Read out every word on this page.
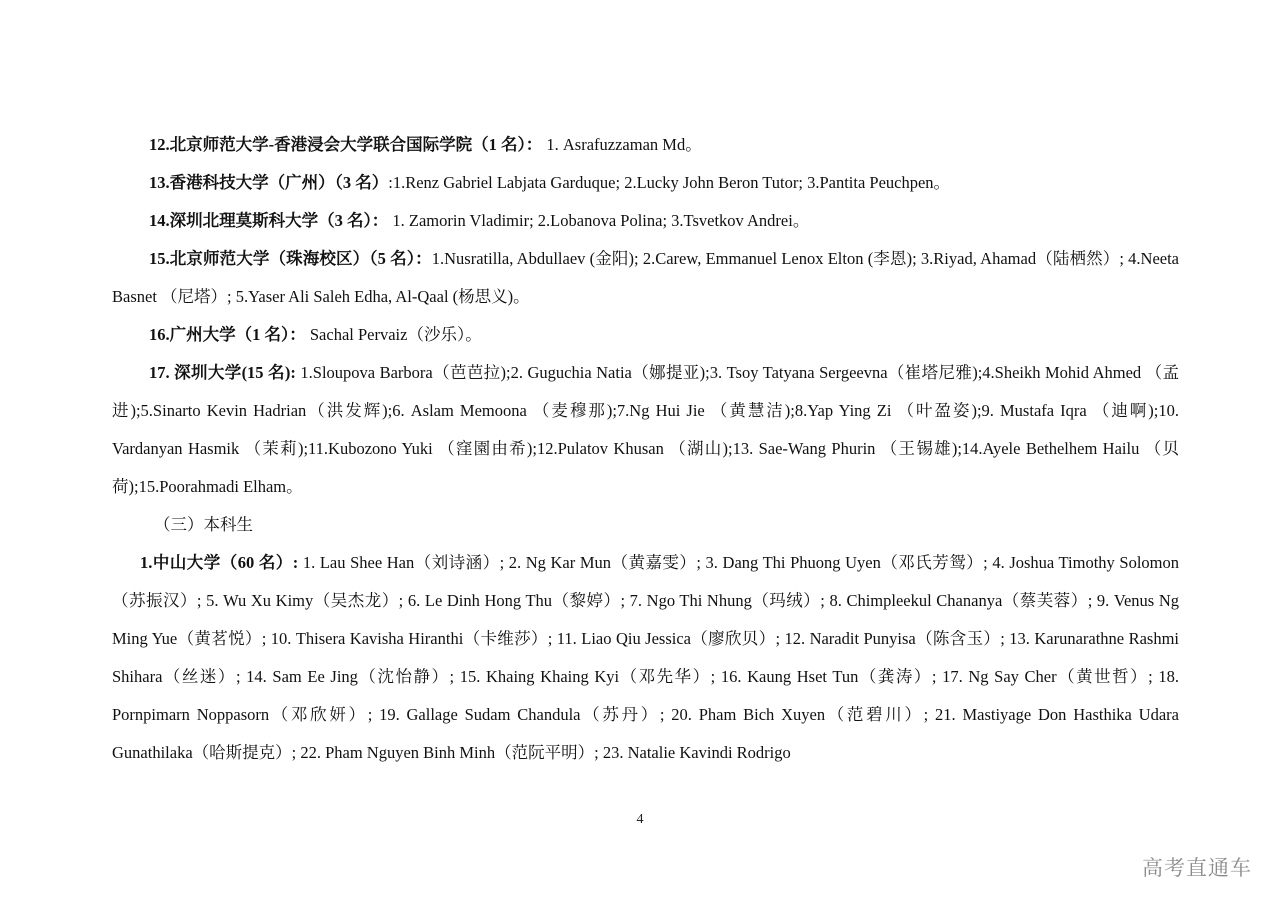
12.北京师范大学-香港浸会大学联合国际学院（1 名）： 1. Asrafuzzaman Md。

13.香港科技大学（广州）（3 名）:1.Renz Gabriel Labjata Garduque; 2.Lucky John Beron Tutor; 3.Pantita Peuchpen。

14.深圳北理莫斯科大学（3 名）： 1. Zamorin Vladimir; 2.Lobanova Polina; 3.Tsvetkov Andrei。

15.北京师范大学（珠海校区）（5 名）：1.Nusratilla, Abdullaev (金阳); 2.Carew, Emmanuel Lenox Elton (李恩); 3.Riyad, Ahamad（陆栖然）; 4.Neeta Basnet （尼塔）; 5.Yaser Ali Saleh Edha, Al-Qaal (杨思义)。

16.广州大学（1 名）： Sachal Pervaiz（沙乐）。

17. 深圳大学(15 名): 1.Sloupova Barbora（芭芭拉);2. Guguchia Natia（娜提亚);3. Tsoy Tatyana Sergeevna（崔塔尼雅);4.Sheikh Mohid Ahmed （孟进);5.Sinarto Kevin Hadrian（洪发辉);6. Aslam Memoona （麦穆那);7.Ng Hui Jie （黄慧洁);8.Yap Ying Zi （叶盈姿);9. Mustafa Iqra （迪啊);10. Vardanyan Hasmik （茉莉);11.Kubozono Yuki （窪園由希);12.Pulatov Khusan （湖山);13. Sae-Wang Phurin （王锡雄);14.Ayele Bethelhem Hailu （贝荷);15.Poorahmadi Elham。

（三）本科生

1.中山大学（60 名）: 1. Lau Shee Han（刘诗涵）; 2. Ng Kar Mun（黄嘉雯）; 3. Dang Thi Phuong Uyen（邓氏芳鸳）; 4. Joshua Timothy Solomon（苏振汉）; 5. Wu Xu Kimy（吴杰龙）; 6. Le Dinh Hong Thu（黎婷）; 7. Ngo Thi Nhung（玛绒）; 8. Chimpleekul Chananya（蔡芙蓉）; 9. Venus Ng Ming Yue（黄茗悦）; 10. Thisera Kavisha Hiranthi（卡维莎）; 11. Liao Qiu Jessica（廖欣贝）; 12. Naradit Punyisa（陈含玉）; 13. Karunarathne Rashmi Shihara（丝迷）; 14. Sam Ee Jing（沈怡静）; 15. Khaing Khaing Kyi（邓先华）; 16. Kaung Hset Tun（龚涛）; 17. Ng Say Cher（黄世哲）; 18. Pornpimarn Noppasorn（邓欣妍）; 19. Gallage Sudam Chandula（苏丹）; 20. Pham Bich Xuyen（范碧川）; 21. Mastiyage Don Hasthika Udara Gunathilaka（哈斯提克）; 22. Pham Nguyen Binh Minh（范阮平明）; 23. Natalie Kavindi Rodrigo

4
高考直通车
